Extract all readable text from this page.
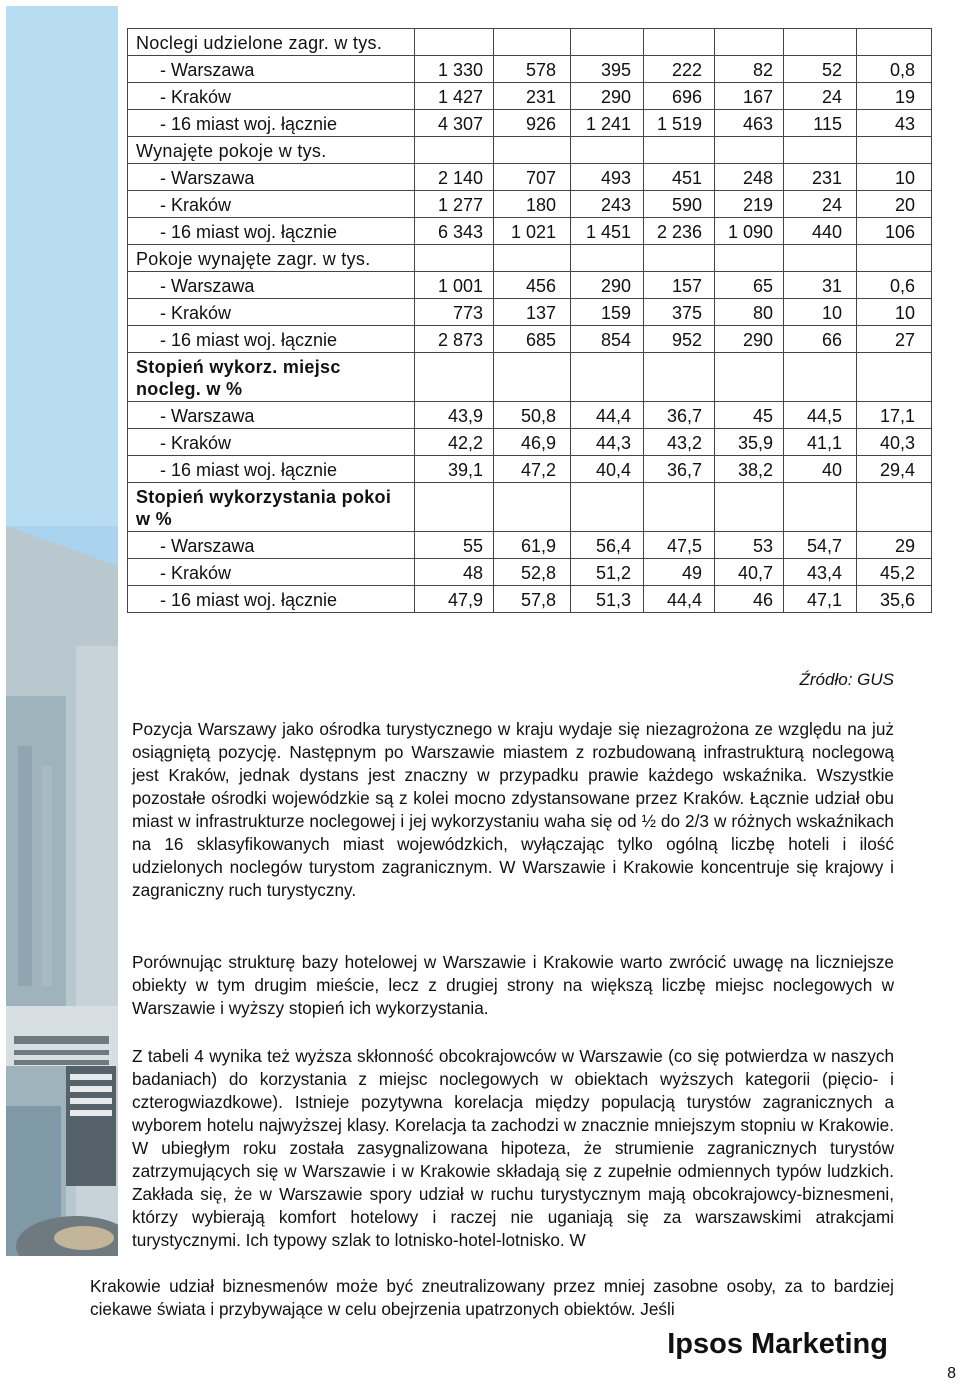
Noclegi udzielone zagr. w tys.							
- Warszawa	1 330	578	395	222	82	52	0,8
- Kraków	1 427	231	290	696	167	24	19
- 16 miast woj. łącznie	4 307	926	1 241	1 519	463	115	43
Wynajęte pokoje w tys.							
- Warszawa	2 140	707	493	451	248	231	10
- Kraków	1 277	180	243	590	219	24	20
- 16 miast woj. łącznie	6 343	1 021	1 451	2 236	1 090	440	106
Pokoje wynajęte zagr. w tys.							
- Warszawa	1 001	456	290	157	65	31	0,6
- Kraków	773	137	159	375	80	10	10
- 16 miast woj. łącznie	2 873	685	854	952	290	66	27
Stopień wykorz. miejsc nocleg. w %							
- Warszawa	43,9	50,8	44,4	36,7	45	44,5	17,1
- Kraków	42,2	46,9	44,3	43,2	35,9	41,1	40,3
- 16 miast woj. łącznie	39,1	47,2	40,4	36,7	38,2	40	29,4
Stopień wykorzystania pokoi w %							
- Warszawa	55	61,9	56,4	47,5	53	54,7	29
- Kraków	48	52,8	51,2	49	40,7	43,4	45,2
- 16 miast woj. łącznie	47,9	57,8	51,3	44,4	46	47,1	35,6
Źródło: GUS

Pozycja Warszawy jako ośrodka turystycznego w kraju wydaje się niezagrożona ze względu na już osiągniętą pozycję. Następnym po Warszawie miastem z rozbudowaną infrastrukturą noclegową jest Kraków, jednak dystans jest znaczny w przypadku prawie każdego wskaźnika. Wszystkie pozostałe ośrodki wojewódzkie są z kolei mocno zdystansowane przez Kraków. Łącznie udział obu miast w infrastrukturze noclegowej i jej wykorzystaniu waha się od ½ do 2/3 w różnych wskaźnikach na 16 sklasyfikowanych miast wojewódzkich, wyłączając tylko ogólną liczbę hoteli i ilość udzielonych noclegów turystom zagranicznym. W Warszawie i Krakowie koncentruje się krajowy i zagraniczny ruch turystyczny.

Porównując strukturę bazy hotelowej w Warszawie i Krakowie warto zwrócić uwagę na liczniejsze obiekty w tym drugim mieście, lecz z drugiej strony na większą liczbę miejsc noclegowych w Warszawie i wyższy stopień ich wykorzystania.

Z tabeli 4 wynika też wyższa skłonność obcokrajowców w Warszawie (co się potwierdza w naszych badaniach) do korzystania z miejsc noclegowych w obiektach wyższych kategorii (pięcio- i czterogwiazdkowe). Istnieje pozytywna korelacja między populacją turystów zagranicznych a wyborem hotelu najwyższej klasy. Korelacja ta zachodzi w znacznie mniejszym stopniu w Krakowie. W ubiegłym roku została zasygnalizowana hipoteza, że strumienie zagranicznych turystów zatrzymujących się w Warszawie i w Krakowie składają się z zupełnie odmiennych typów ludzkich. Zakłada się, że w Warszawie spory udział w ruchu turystycznym mają obcokrajowcy-biznesmeni, którzy wybierają komfort hotelowy i raczej nie uganiają się za warszawskimi atrakcjami turystycznymi. Ich typowy szlak to lotnisko-hotel-lotnisko. W

Krakowie udział biznesmenów może być zneutralizowany przez mniej zasobne osoby, za to bardziej ciekawe świata i przybywające w celu obejrzenia upatrzonych obiektów. Jeśli

Ipsos Marketing
8
